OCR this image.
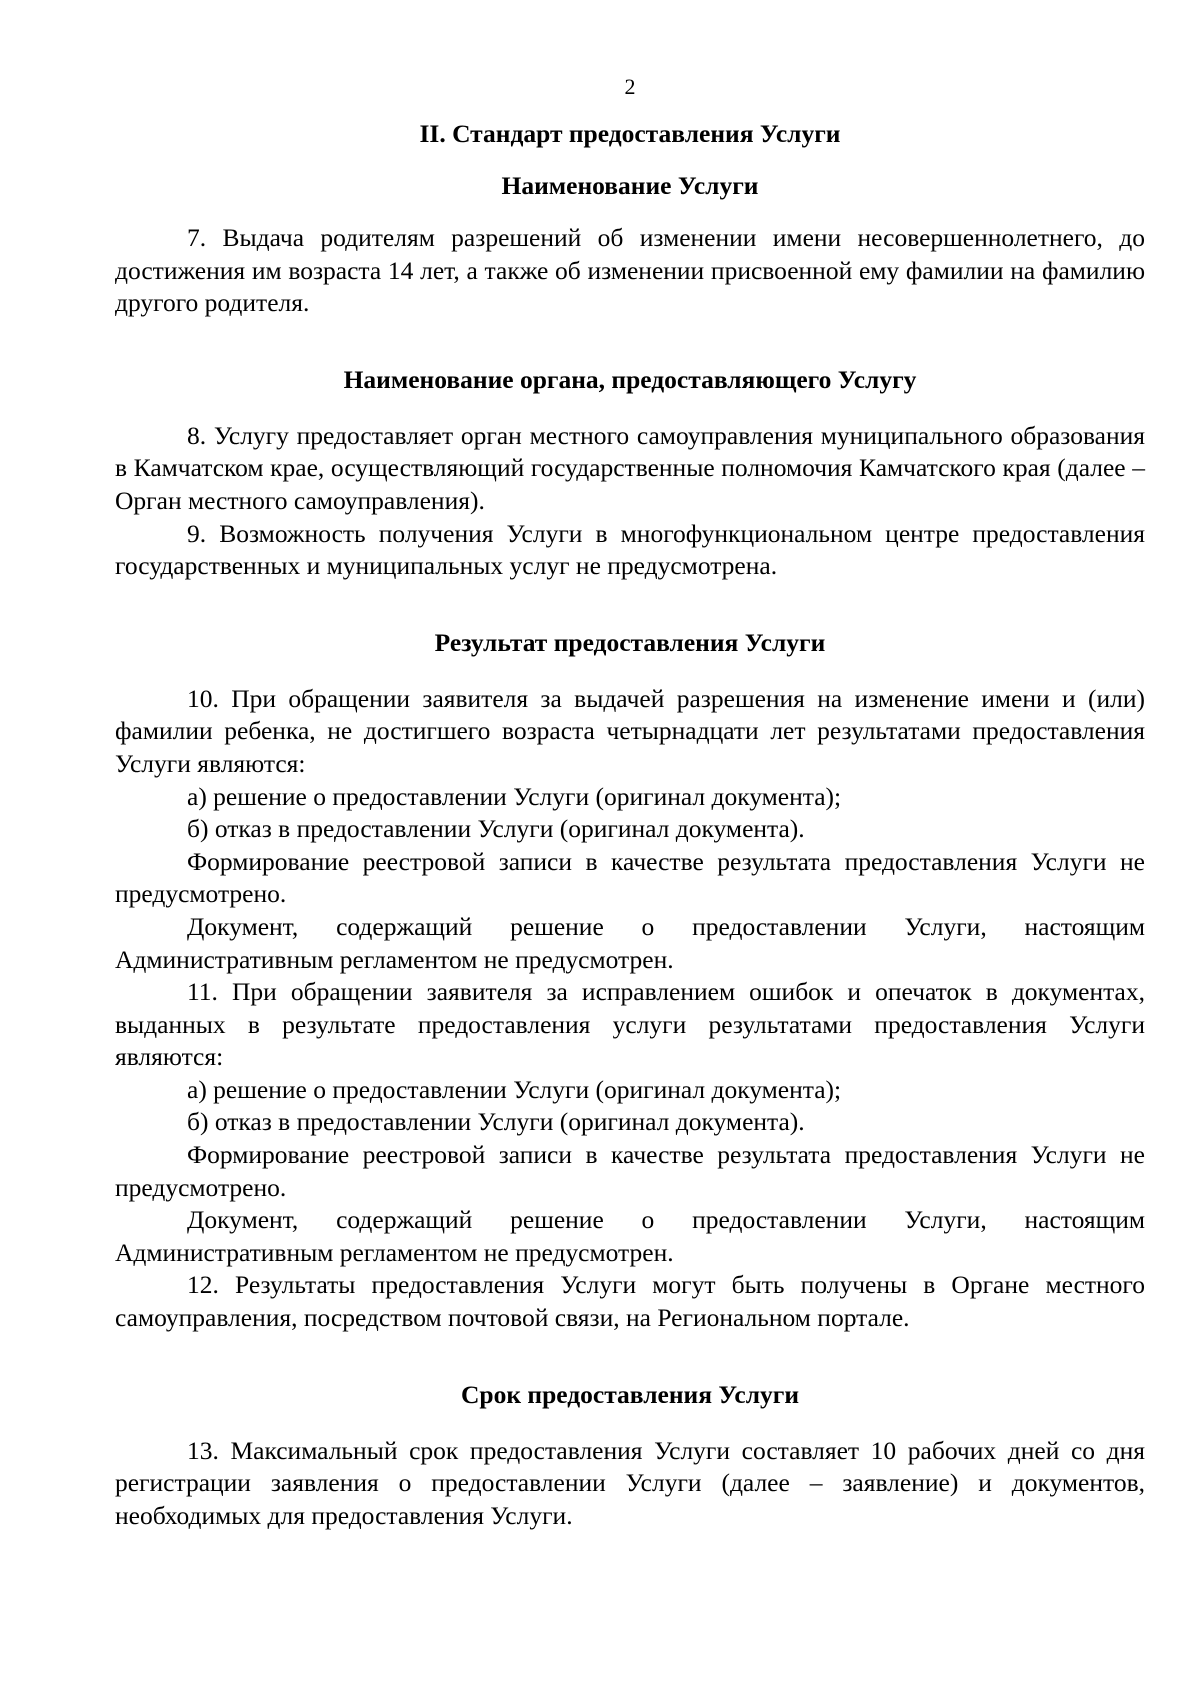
2
II. Стандарт предоставления Услуги
Наименование Услуги

7. Выдача родителям разрешений об изменении имени несовершеннолетнего, до достижения им возраста 14 лет, а также об изменении присвоенной ему фамилии на фамилию другого родителя.

Наименование органа, предоставляющего Услугу

8. Услугу предоставляет орган местного самоуправления муниципального образования в Камчатском крае, осуществляющий государственные полномочия Камчатского края (далее – Орган местного самоуправления).

9. Возможность получения Услуги в многофункциональном центре предоставления государственных и муниципальных услуг не предусмотрена.

Результат предоставления Услуги

10. При обращении заявителя за выдачей разрешения на изменение имени и (или) фамилии ребенка, не достигшего возраста четырнадцати лет результатами предоставления Услуги являются:

а) решение о предоставлении Услуги (оригинал документа);

б) отказ в предоставлении Услуги (оригинал документа).

Формирование реестровой записи в качестве результата предоставления Услуги не предусмотрено.

Документ, содержащий решение о предоставлении Услуги, настоящим Административным регламентом не предусмотрен.

11. При обращении заявителя за исправлением ошибок и опечаток в документах, выданных в результате предоставления услуги результатами предоставления Услуги являются:

а) решение о предоставлении Услуги (оригинал документа);

б) отказ в предоставлении Услуги (оригинал документа).

Формирование реестровой записи в качестве результата предоставления Услуги не предусмотрено.

Документ, содержащий решение о предоставлении Услуги, настоящим Административным регламентом не предусмотрен.

12. Результаты предоставления Услуги могут быть получены в Органе местного самоуправления, посредством почтовой связи, на Региональном портале.

Срок предоставления Услуги

13. Максимальный срок предоставления Услуги составляет 10 рабочих дней со дня регистрации заявления о предоставлении Услуги (далее – заявление) и документов, необходимых для предоставления Услуги.
